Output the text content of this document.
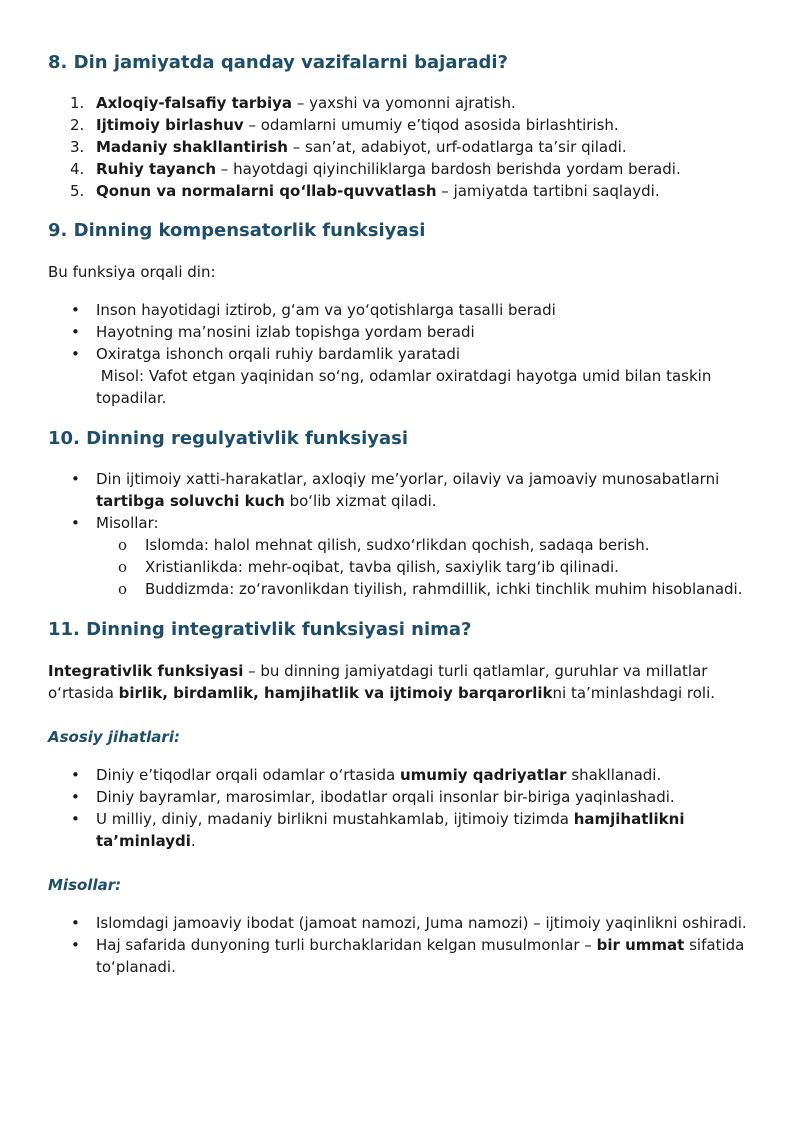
8. Din jamiyatda qanday vazifalarni bajaradi?
1. Axloqiy-falsafiy tarbiya – yaxshi va yomonni ajratish.
2. Ijtimoiy birlashuv – odamlarni umumiy e’tiqod asosida birlashtirish.
3. Madaniy shakllantirish – san’at, adabiyot, urf-odatlarga ta’sir qiladi.
4. Ruhiy tayanch – hayotdagi qiyinchiliklarga bardosh berishda yordam beradi.
5. Qonun va normalarni qo‘llab-quvvatlash – jamiyatda tartibni saqlaydi.
9. Dinning kompensatorlik funksiyasi

Bu funksiya orqali din:

• Inson hayotidagi iztirob, g‘am va yo‘qotishlarga tasalli beradi
• Hayotning ma’nosini izlab topishga yordam beradi
• Oxiratga ishonch orqali ruhiy bardamlik yaratadi
Misol: Vafot etgan yaqinidan so‘ng, odamlar oxiratdagi hayotga umid bilan taskin
topadilar.
10. Dinning regulyativlik funksiyasi
• Din ijtimoiy xatti-harakatlar, axloqiy me’yorlar, oilaviy va jamoaviy munosabatlarni
tartibga soluvchi kuch bo‘lib xizmat qiladi.
• Misollar:
o Islomda: halol mehnat qilish, sudxo‘rlikdan qochish, sadaqa berish.
o Xristianlikda: mehr-oqibat, tavba qilish, saxiylik targ‘ib qilinadi.
o Buddizmda: zo‘ravonlikdan tiyilish, rahmdillik, ichki tinchlik muhim hisoblanadi.
11. Dinning integrativlik funksiyasi nima?

Integrativlik funksiyasi – bu dinning jamiyatdagi turli qatlamlar, guruhlar va millatlar
o‘rtasida birlik, birdamlik, hamjihatlik va ijtimoiy barqarorlikni ta’minlashdagi roli.

Asosiy jihatlari:

• Diniy e’tiqodlar orqali odamlar o‘rtasida umumiy qadriyatlar shakllanadi.
• Diniy bayramlar, marosimlar, ibodatlar orqali insonlar bir-biriga yaqinlashadi.
• U milliy, diniy, madaniy birlikni mustahkamlab, ijtimoiy tizimda hamjihatlikni
ta’minlaydi.

Misollar:

• Islomdagi jamoaviy ibodat (jamoat namozi, Juma namozi) – ijtimoiy yaqinlikni oshiradi.
• Haj safarida dunyoning turli burchaklaridan kelgan musulmonlar – bir ummat sifatida
to‘planadi.
